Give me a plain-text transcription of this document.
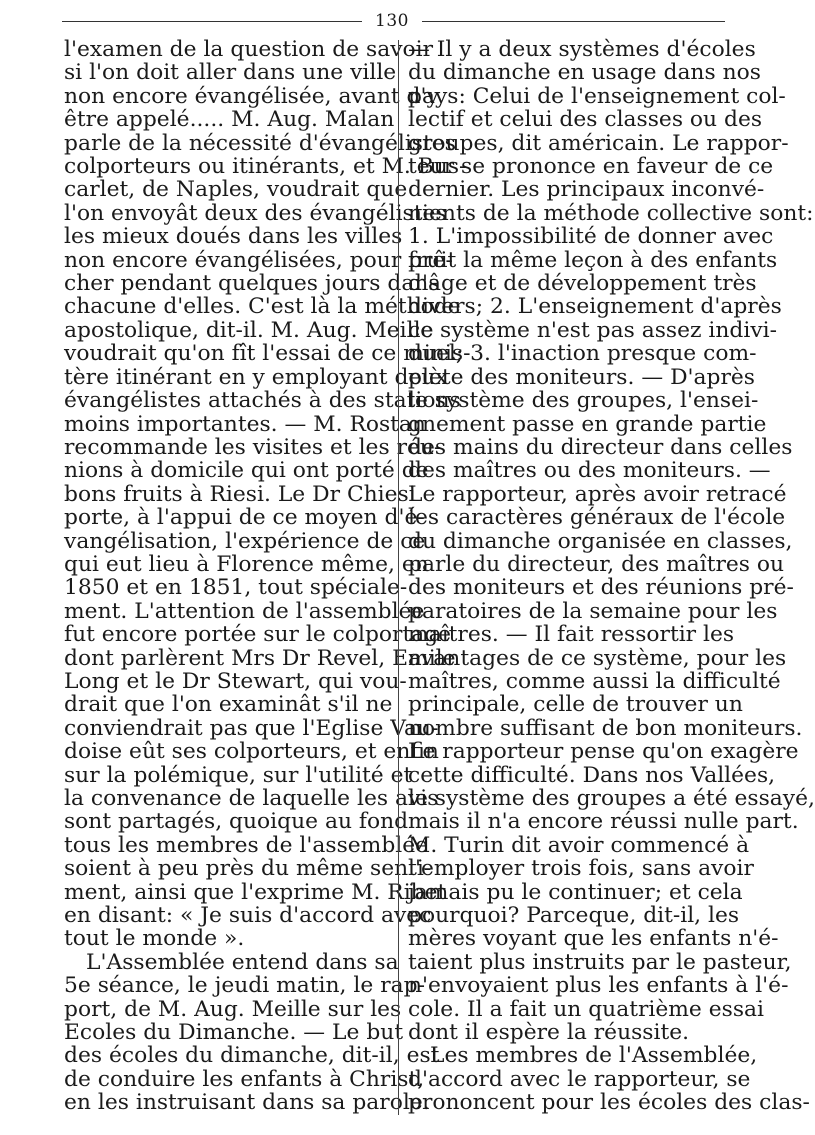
130
l'examen de la question de savoir
si l'on doit aller dans une ville
non encore évangélisée, avant d'y
être appelé..... M. Aug. Malan
parle de la nécessité d'évangélistes
colporteurs ou itinérants, et M. Bus-
carlet, de Naples, voudrait que
l'on envoyât deux des évangélistes
les mieux doués dans les villes
non encore évangélisées, pour prê-
cher pendant quelques jours dans
chacune d'elles. C'est là la méthode
apostolique, dit-il. M. Aug. Meille
voudrait qu'on fît l'essai de ce minis-
tère itinérant en y employant deux
évangélistes attachés à des stations
moins importantes. — M. Rostan
recommande les visites et les réu-
nions à domicile qui ont porté de
bons fruits à Riesi. Le Dr Chiesi
porte, à l'appui de ce moyen d'é-
vangélisation, l'expérience de ce
qui eut lieu à Florence même, en
1850 et en 1851, tout spéciale-
ment. L'attention de l'assemblée
fut encore portée sur le colportage
dont parlèrent Mrs Dr Revel, Emile
Long et le Dr Stewart, qui vou-
drait que l'on examinât s'il ne
conviendrait pas que l'Eglise Vau-
doise eût ses colporteurs, et enfin
sur la polémique, sur l'utilité et
la convenance de laquelle les avis
sont partagés, quoique au fond
tous les membres de l'assemblée
soient à peu près du même senti-
ment, ainsi que l'exprime M. Ribet
en disant: « Je suis d'accord avec
tout le monde ».
L'Assemblée entend dans sa
5e séance, le jeudi matin, le rap-
port, de M. Aug. Meille sur les
Ecoles du Dimanche. — Le but
des écoles du dimanche, dit-il, est
de conduire les enfants à Christ,
en les instruisant dans sa parole.
— Il y a deux systèmes d'écoles
du dimanche en usage dans nos
pays: Celui de l'enseignement col-
lectif et celui des classes ou des
groupes, dit américain. Le rappor-
teur se prononce en faveur de ce
dernier. Les principaux inconvé-
nients de la méthode collective sont:
1. L'impossibilité de donner avec
fruit la même leçon à des enfants
d'âge et de développement très
divers; 2. L'enseignement d'après
ce système n'est pas assez indivi-
duel; 3. l'inaction presque com-
plète des moniteurs. — D'après
le système des groupes, l'ensei-
gnement passe en grande partie
des mains du directeur dans celles
des maîtres ou des moniteurs. —
Le rapporteur, après avoir retracé
les caractères généraux de l'école
du dimanche organisée en classes,
parle du directeur, des maîtres ou
des moniteurs et des réunions pré-
paratoires de la semaine pour les
maîtres. — Il fait ressortir les
avantages de ce système, pour les
maîtres, comme aussi la difficulté
principale, celle de trouver un
nombre suffisant de bon moniteurs.
Le rapporteur pense qu'on exagère
cette difficulté. Dans nos Vallées,
le système des groupes a été essayé,
mais il n'a encore réussi nulle part.
M. Turin dit avoir commencé à
l'employer trois fois, sans avoir
jamais pu le continuer; et cela
pourquoi? Parceque, dit-il, les
mères voyant que les enfants n'é-
taient plus instruits par le pasteur,
n'envoyaient plus les enfants à l'é-
cole. Il a fait un quatrième essai
dont il espère la réussite.
Les membres de l'Assemblée,
d'accord avec le rapporteur, se
prononcent pour les écoles des clas-
